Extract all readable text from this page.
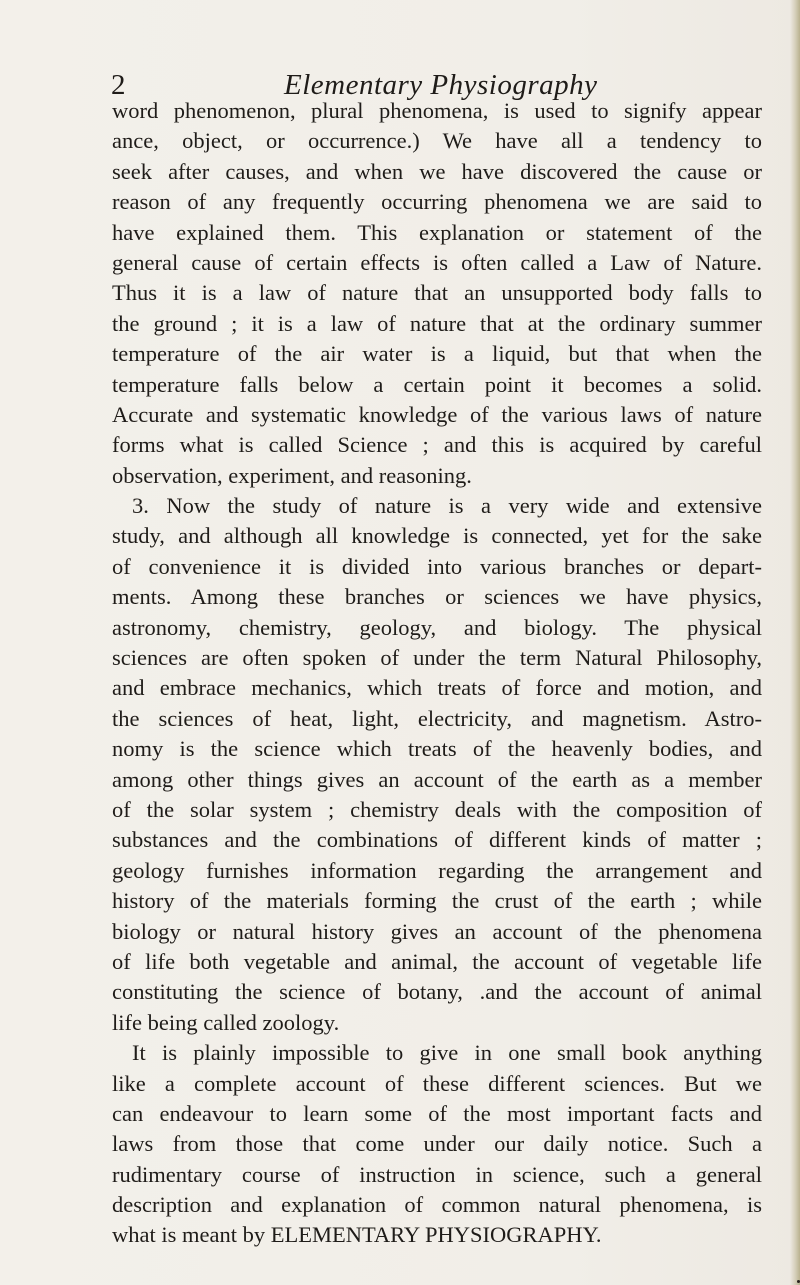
2	Elementary Physiography
word phenomenon, plural phenomena, is used to signify appear
ance, object, or occurrence.) We have all a tendency to
seek after causes, and when we have discovered the cause or
reason of any frequently occurring phenomena we are said to
have explained them. This explanation or statement of the
general cause of certain effects is often called a Law of Nature.
Thus it is a law of nature that an unsupported body falls to
the ground ; it is a law of nature that at the ordinary summer
temperature of the air water is a liquid, but that when the
temperature falls below a certain point it becomes a solid.
Accurate and systematic knowledge of the various laws of nature
forms what is called Science ; and this is acquired by careful
observation, experiment, and reasoning.
3. Now the study of nature is a very wide and extensive
study, and although all knowledge is connected, yet for the sake
of convenience it is divided into various branches or depart-
ments. Among these branches or sciences we have physics,
astronomy, chemistry, geology, and biology. The physical
sciences are often spoken of under the term Natural Philosophy,
and embrace mechanics, which treats of force and motion, and
the sciences of heat, light, electricity, and magnetism. Astro-
nomy is the science which treats of the heavenly bodies, and
among other things gives an account of the earth as a member
of the solar system ; chemistry deals with the composition of
substances and the combinations of different kinds of matter ;
geology furnishes information regarding the arrangement and
history of the materials forming the crust of the earth ; while
biology or natural history gives an account of the phenomena
of life both vegetable and animal, the account of vegetable life
constituting the science of botany, .and the account of animal
life being called zoology.
It is plainly impossible to give in one small book anything
like a complete account of these different sciences. But we
can endeavour to learn some of the most important facts and
laws from those that come under our daily notice. Such a
rudimentary course of instruction in science, such a general
description and explanation of common natural phenomena, is
what is meant by ELEMENTARY PHYSIOGRAPHY.
